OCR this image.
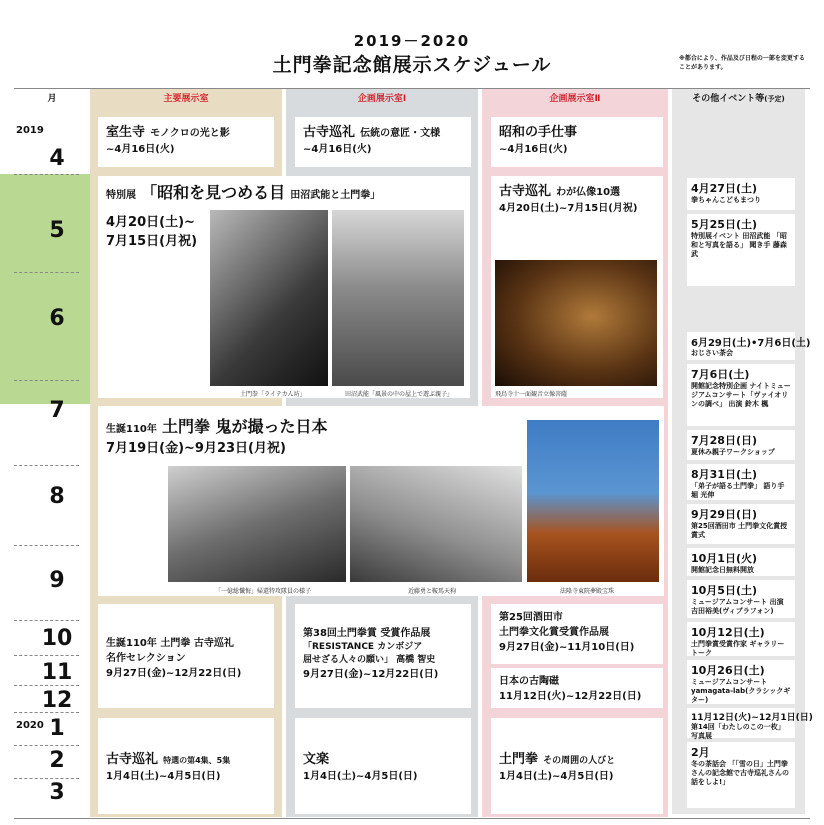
2019－2020
土門拳記念館展示スケジュール	※都合により、作品及び日程の一部を変更することがあります。
月	主要展示室	企画展示室Ⅰ	企画展示室Ⅱ	その他イベント等(予定)
2019
4
5
6
7
8
9
10
11
12
2020 1
2
3
室生寺 モノクロの光と影
~4月16日(火)
古寺巡礼 伝統の意匠・文様
~4月16日(火)
昭和の手仕事
~4月16日(火)
特別展 「昭和を見つめる目 田沼武能と土門拳」
4月20日(土)~
7月15日(月祝)
土門拳「ライテカん坊」	田沼武能「風景の中の屋上で遊ぶ親子」
古寺巡礼 わが仏像10選
4月20日(土)~7月15日(月祝)
飛鳥寺十一面観音立像菩薩
生誕110年 土門拳 鬼が撮った日本
7月19日(金)~9月23日(月祝)
「一億総懺悔」帰還特攻隊員の様子	近藤勇と鞍馬天狗	法隆寺東院夢殿宝珠
生誕110年 土門拳 古寺巡礼
名作セレクション
9月27日(金)~12月22日(日)
第38回土門拳賞 受賞作品展
「RESISTANCE カンボジア
屈せざる人々の願い」 高橋 智史
9月27日(金)~12月22日(日)
第25回酒田市
土門拳文化賞受賞作品展
9月27日(金)~11月10日(日)
日本の古陶磁
11月12日(火)~12月22日(日)
古寺巡礼 特選の第4集、5集
1月4日(土)~4月5日(日)
文楽
1月4日(土)~4月5日(日)
土門拳 その周囲の人びと
1月4日(土)~4月5日(日)
4月27日(土)
拳ちゃんこどもまつり
5月25日(土)
特別展イベント 田沼武能 「昭和と写真を語る」 聞き手 藤森 武
6月29日(土)•7月6日(土)
おじさい茶会
7月6日(土)
開館記念特別企画 ナイトミュージアムコンサート「ヴァイオリンの調べ」 出演 鈴木 楓
7月28日(日)
夏休み親子ワークショップ
8月31日(土)
「弟子が語る土門拳」 語り手 堀 光伸
9月29日(日)
第25回酒田市 土門拳文化賞授賞式
10月1日(火)
開館記念日無料開放
10月5日(土)
ミュージアムコンサート 出演 吉田裕美(ヴィブラフォン)
10月12日(土)
土門拳賞受賞作家 ギャラリートーク
10月26日(土)
ミュージアムコンサート yamagata-lab(クラシックギター)
11月12日(火)~12月1日(日)
第14回「わたしのこの一枚」写真展
2月
冬の茶話会 「「雪の日」土門拳さんの記念館で古寺巡礼さんの話をしよ!」
